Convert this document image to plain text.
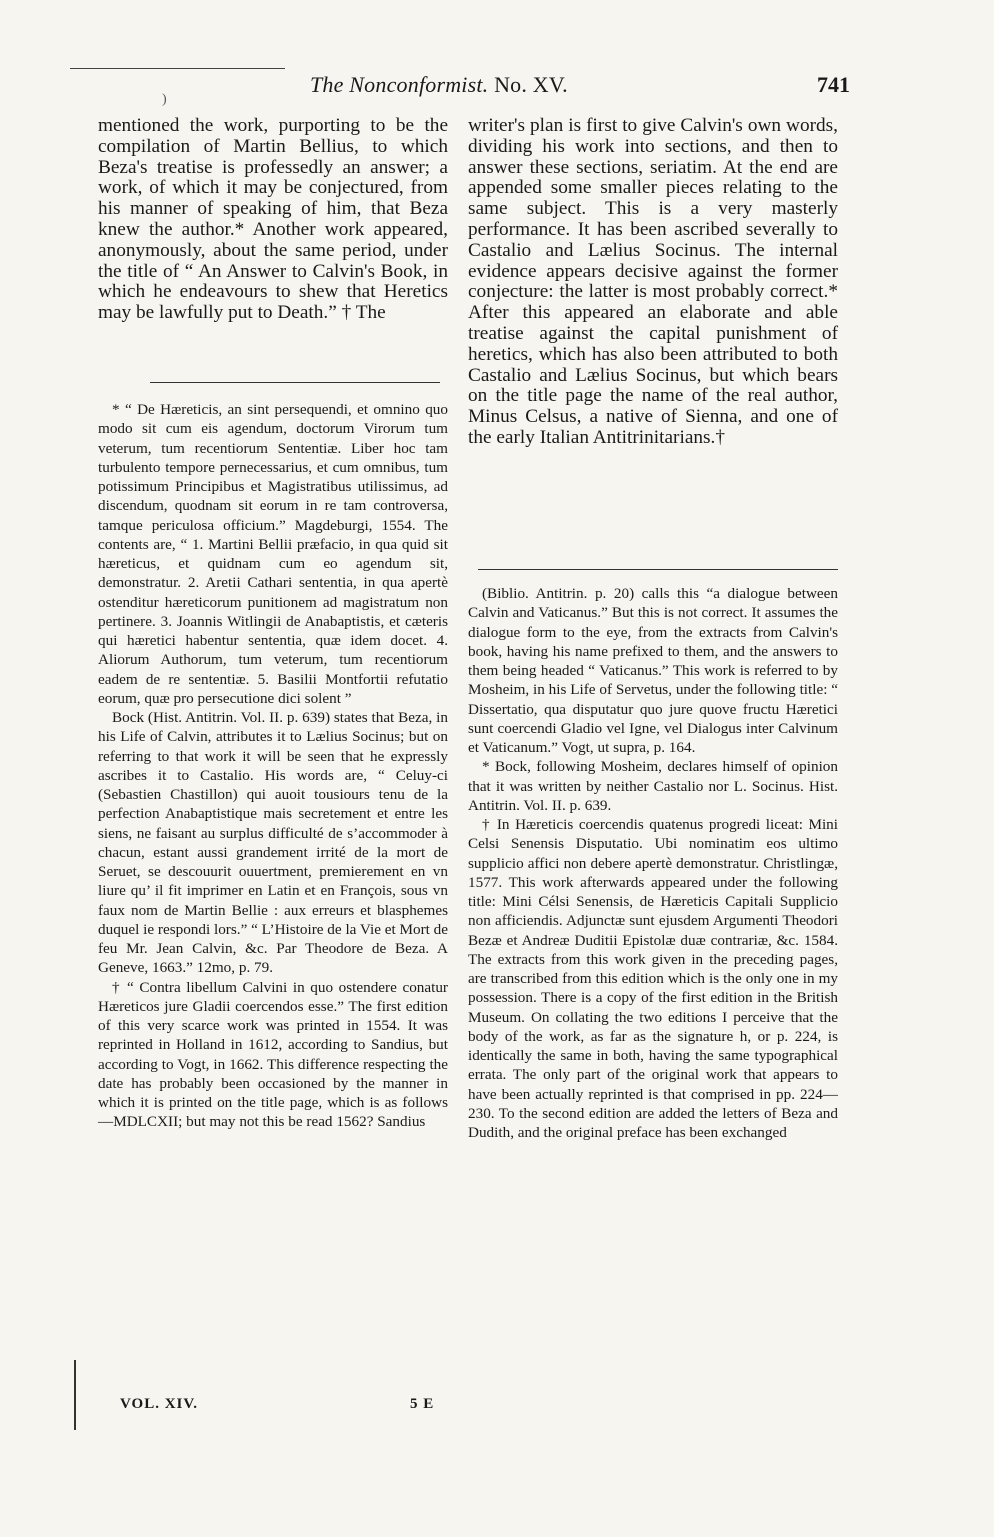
)
The Nonconformist. No. XV.	741

mentioned the work, purporting to be the compilation of Martin Bellius, to which Beza's treatise is professedly an answer; a work, of which it may be conjectured, from his manner of speaking of him, that Beza knew the author.* Another work appeared, anonymously, about the same period, under the title of “ An Answer to Calvin's Book, in which he endeavours to shew that Heretics may be lawfully put to Death.” † The

writer's plan is first to give Calvin's own words, dividing his work into sections, and then to answer these sections, seriatim. At the end are appended some smaller pieces relating to the same subject. This is a very masterly performance. It has been ascribed severally to Castalio and Lælius Socinus. The internal evidence appears decisive against the former conjecture: the latter is most probably correct.* After this appeared an elaborate and able treatise against the capital punishment of heretics, which has also been attributed to both Castalio and Lælius Socinus, but which bears on the title page the name of the real author, Minus Celsus, a native of Sienna, and one of the early Italian Antitrinitarians.†

* “ De Hæreticis, an sint persequendi, et omnino quo modo sit cum eis agendum, doctorum Virorum tum veterum, tum recentiorum Sententiæ. Liber hoc tam turbulento tempore pernecessarius, et cum omnibus, tum potissimum Principibus et Magistratibus utilissimus, ad discendum, quodnam sit eorum in re tam controversa, tamque periculosa officium.” Magdeburgi, 1554. The contents are, “ 1. Martini Bellii præfacio, in qua quid sit hæreticus, et quidnam cum eo agendum sit, demonstratur. 2. Aretii Cathari sententia, in qua apertè ostenditur hæreticorum punitionem ad magistratum non pertinere. 3. Joannis Witlingii de Anabaptistis, et cæteris qui hæretici habentur sententia, quæ idem docet. 4. Aliorum Authorum, tum veterum, tum recentiorum eadem de re sententiæ. 5. Basilii Montfortii refutatio eorum, quæ pro persecutione dici solent ”

Bock (Hist. Antitrin. Vol. II. p. 639) states that Beza, in his Life of Calvin, attributes it to Lælius Socinus; but on referring to that work it will be seen that he expressly ascribes it to Castalio. His words are, “ Celuy-ci (Sebastien Chastillon) qui auoit tousiours tenu de la perfection Anabaptistique mais secretement et entre les siens, ne faisant au surplus difficulté de s’accommoder à chacun, estant aussi grandement irrité de la mort de Seruet, se descouurit ouuertment, premierement en vn liure qu’ il fit imprimer en Latin et en François, sous vn faux nom de Martin Bellie : aux erreurs et blasphemes duquel ie respondi lors.” “ L’Histoire de la Vie et Mort de feu Mr. Jean Calvin, &c. Par Theodore de Beza. A Geneve, 1663.” 12mo, p. 79.

† “ Contra libellum Calvini in quo ostendere conatur Hæreticos jure Gladii coercendos esse.” The first edition of this very scarce work was printed in 1554. It was reprinted in Holland in 1612, according to Sandius, but according to Vogt, in 1662. This difference respecting the date has probably been occasioned by the manner in which it is printed on the title page, which is as follows—MDLCXII; but may not this be read 1562? Sandius

(Biblio. Antitrin. p. 20) calls this “a dialogue between Calvin and Vaticanus.” But this is not correct. It assumes the dialogue form to the eye, from the extracts from Calvin's book, having his name prefixed to them, and the answers to them being headed “ Vaticanus.” This work is referred to by Mosheim, in his Life of Servetus, under the following title: “ Dissertatio, qua disputatur quo jure quove fructu Hæretici sunt coercendi Gladio vel Igne, vel Dialogus inter Calvinum et Vaticanum.” Vogt, ut supra, p. 164.

* Bock, following Mosheim, declares himself of opinion that it was written by neither Castalio nor L. Socinus. Hist. Antitrin. Vol. II. p. 639.

† In Hæreticis coercendis quatenus progredi liceat: Mini Celsi Senensis Disputatio. Ubi nominatim eos ultimo supplicio affici non debere apertè demonstratur. Christlingæ, 1577. This work afterwards appeared under the following title: Mini Célsi Senensis, de Hæreticis Capitali Supplicio non afficiendis. Adjunctæ sunt ejusdem Argumenti Theodori Bezæ et Andreæ Duditii Epistolæ duæ contrariæ, &c. 1584. The extracts from this work given in the preceding pages, are transcribed from this edition which is the only one in my possession. There is a copy of the first edition in the British Museum. On collating the two editions I perceive that the body of the work, as far as the signature h, or p. 224, is identically the same in both, having the same typographical errata. The only part of the original work that appears to have been actually reprinted is that comprised in pp. 224—230. To the second edition are added the letters of Beza and Dudith, and the original preface has been exchanged

VOL. XIV.	5 E
